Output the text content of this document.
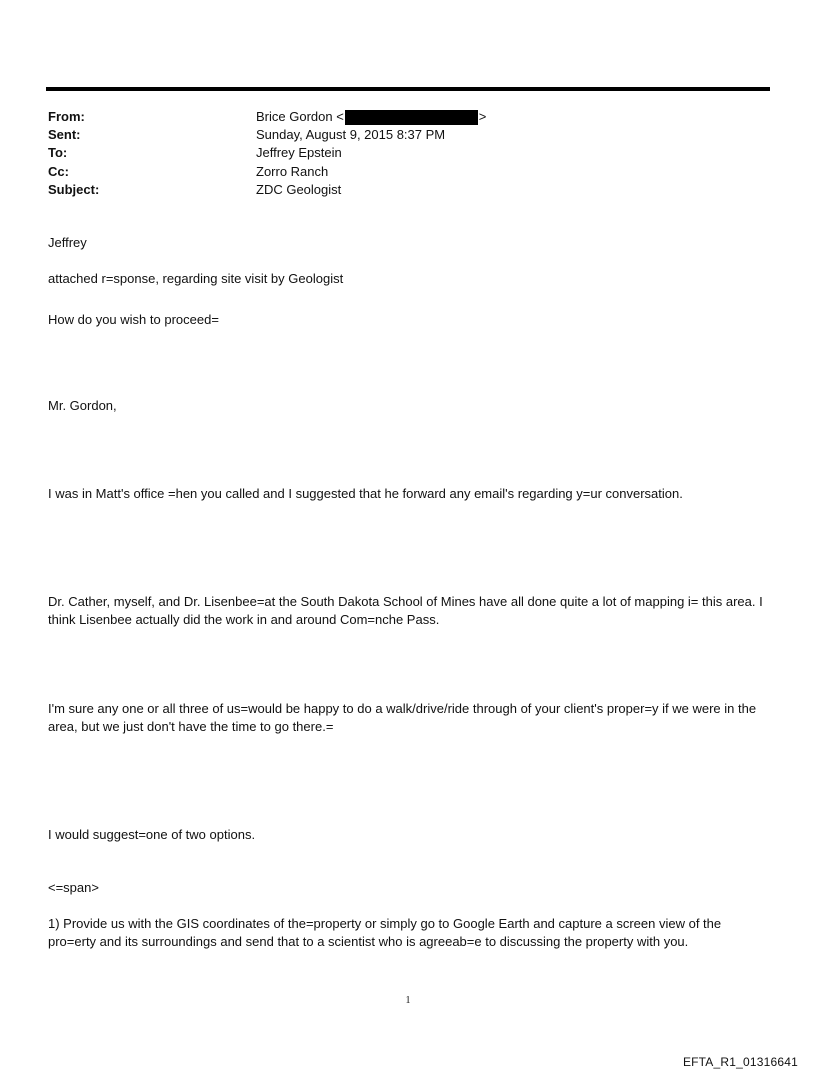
From:	Brice Gordon <	>
Sent:	Sunday, August 9, 2015 8:37 PM
To:	Jeffrey Epstein
Cc:	Zorro Ranch
Subject:	ZDC Geologist
Jeffrey
attached r=sponse, regarding site visit by Geologist
How do you wish to proceed=
Mr. Gordon,
I was in Matt's office =hen you called and I suggested that he forward any email's regarding y=ur conversation.
Dr. Cather, myself, and Dr. Lisenbee=at the South Dakota School of Mines have all done quite a lot of mapping i= this area. I think Lisenbee actually did the work in and around Com=nche Pass.
I'm sure any one or all three of us=would be happy to do a walk/drive/ride through of your client's proper=y if we were in the area, but we just don't have the time to go there.=
I would suggest=one of two options.
<=span>
1) Provide us with the GIS coordinates of the=property or simply go to Google Earth and capture a screen view of the pro=erty and its surroundings and send that to a scientist who is agreeab=e to discussing the property with you.
1
EFTA_R1_01316641
